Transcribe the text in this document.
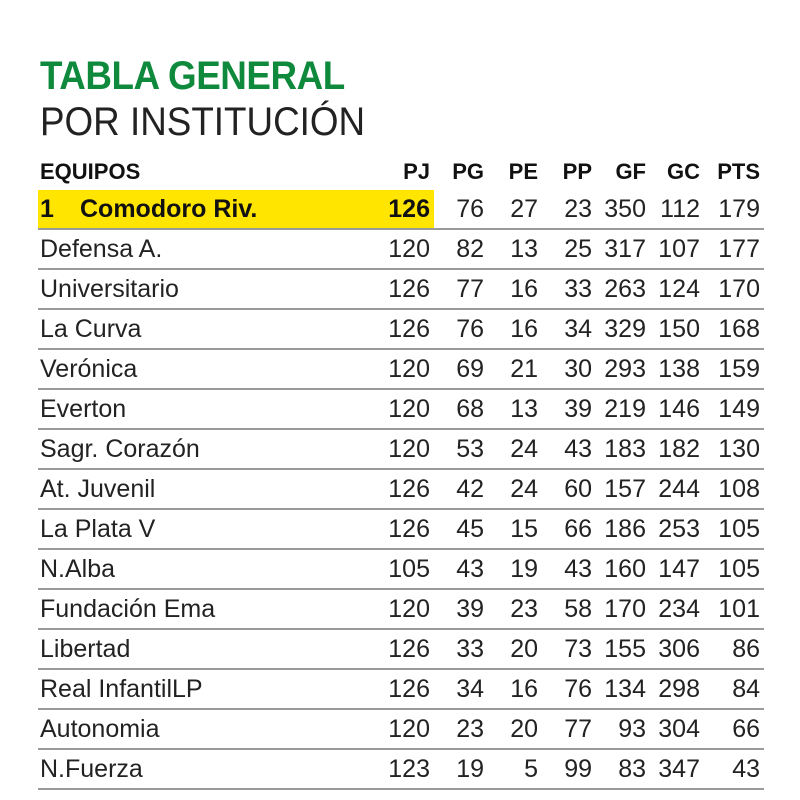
TABLA GENERAL
POR INSTITUCIÓN
EQUIPOS	PJ	PG	PE	PP	GF	GC	PTS
1 Comodoro Riv.	126	76	27	23	350	112	179
Defensa A.	120	82	13	25	317	107	177
Universitario	126	77	16	33	263	124	170
La Curva	126	76	16	34	329	150	168
Verónica	120	69	21	30	293	138	159
Everton	120	68	13	39	219	146	149
Sagr. Corazón	120	53	24	43	183	182	130
At. Juvenil	126	42	24	60	157	244	108
La Plata V	126	45	15	66	186	253	105
N.Alba	105	43	19	43	160	147	105
Fundación Ema	120	39	23	58	170	234	101
Libertad	126	33	20	73	155	306	86
Real InfantilLP	126	34	16	76	134	298	84
Autonomia	120	23	20	77	93	304	66
N.Fuerza	123	19	5	99	83	347	43
